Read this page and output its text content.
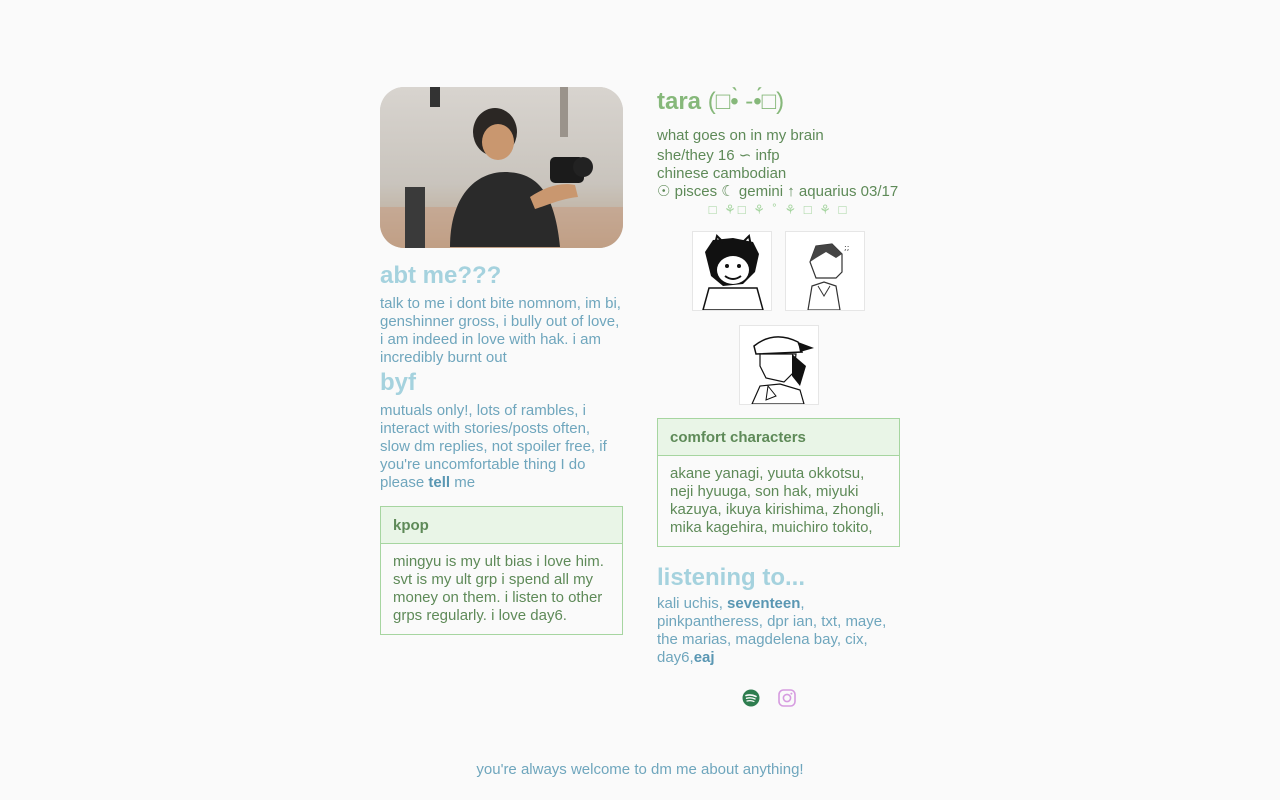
abt me???
talk to me i dont bite nomnom, im bi, genshinner gross, i bully out of love, i am indeed in love with hak. i am incredibly burnt out
byf
mutuals only!, lots of rambles, i interact with stories/posts often, slow dm replies, not spoiler free, if you're uncomfortable thing I do please tell me
kpop
mingyu is my ult bias i love him. svt is my ult grp i spend all my money on them. i listen to other grps regularly. i love day6.
tara (□•̀ -•́□)
what goes on in my brain
she/they 16 ∽ infp
chinese cambodian
☉ pisces ☾ gemini ↑ aquarius 03/17
□ ⚘□ ⚘ ˚ ⚘ □ ⚘ □
;;
comfort characters
akane yanagi, yuuta okkotsu, neji hyuuga, son hak, miyuki kazuya, ikuya kirishima, zhongli, mika kagehira, muichiro tokito,
listening to...
kali uchis, seventeen, pinkpantheress, dpr ian, txt, maye, the marias, magdelena bay, cix, day6,eaj
you're always welcome to dm me about anything!
